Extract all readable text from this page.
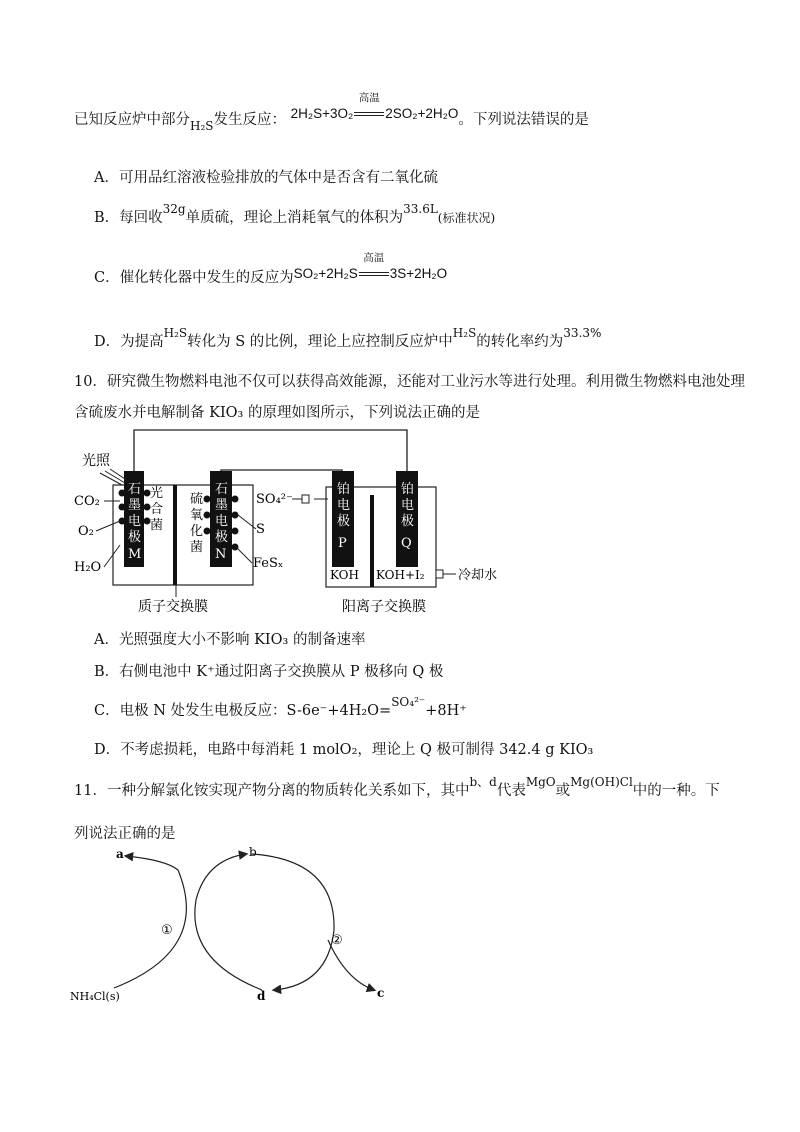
已知反应炉中部分$_{H_2S}$发生反应： 2H₂S+3O₂
高温
2SO₂+2H₂O。下列说法错误的是
A．可用品红溶液检验排放的气体中是否含有二氧化硫
B．每回收$^{32g}$单质硫，理论上消耗氧气的体积为$^{33.6L}$(标准状况)
C．催化转化器中发生的反应为SO₂+2H₂S
高温
3S+2H₂O
D．为提高$^{H_2S}$转化为 S 的比例，理论上应控制反应炉中$^{H_2S}$的转化率约为$^{33.3\%}$
10．研究微生物燃料电池不仅可以获得高效能源，还能对工业污水等进行处理。利用微生物燃料电池处理
含硫废水并电解制备 KIO₃ 的原理如图所示，下列说法正确的是
石
墨
电
极
M
光
合
菌
石
墨
电
极
N
硫
氧
化
菌
光照
CO₂
O₂
H₂O
SO₄²⁻
S
FeSₓ
质子交换膜
铂
电
极
P
铂
电
极
Q
KOH KOH+I₂	冷却水
阳离子交换膜
A．光照强度大小不影响 KIO₃ 的制备速率
B．右侧电池中 K⁺通过阳离子交换膜从 P 极移向 Q 极
C．电极 N 处发生电极反应：S-6e⁻+4H₂O=$^{SO_4^{2-}}$+8H⁺
D．不考虑损耗，电路中每消耗 1 molO₂，理论上 Q 极可制得 342.4 g KIO₃
11．一种分解氯化铵实现产物分离的物质转化关系如下，其中$^{b、d}$代表$^{MgO}$或$^{Mg(OH)Cl}$中的一种。下
列说法正确的是
a	b
c
d
①
②
NH₄Cl(s)
